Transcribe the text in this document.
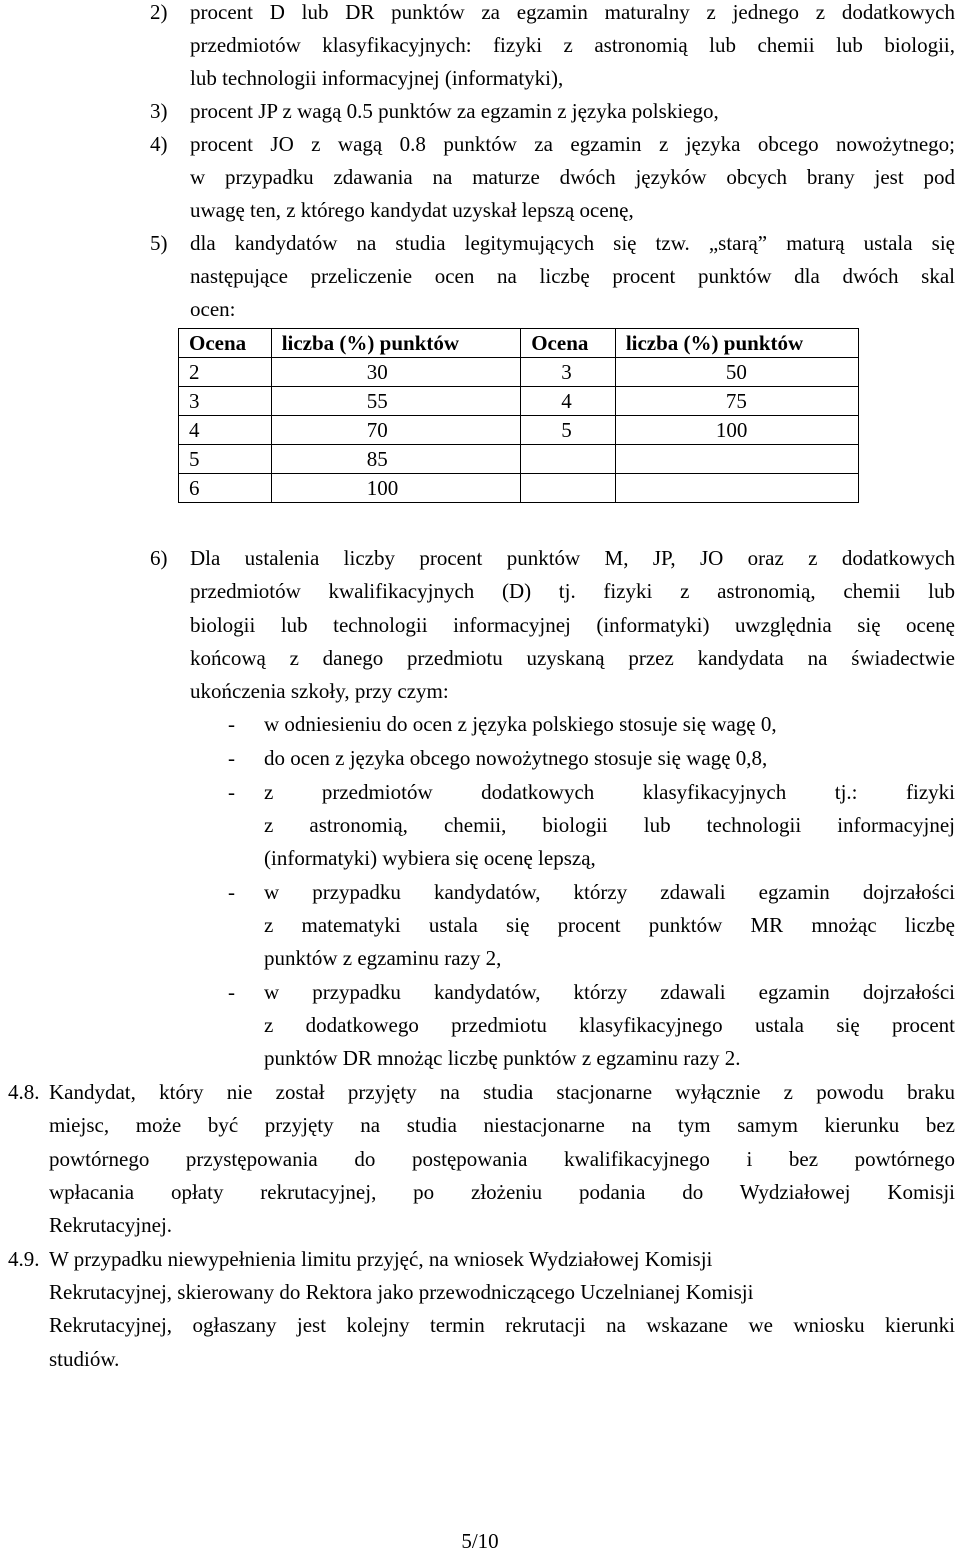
2) procent D lub DR punktów za egzamin maturalny z jednego z dodatkowych
przedmiotów klasyfikacyjnych: fizyki z astronomią lub chemii lub biologii,
lub technologii informacyjnej (informatyki),
3) procent JP z wagą 0.5 punktów za egzamin z języka polskiego,
4) procent JO z wagą 0.8 punktów za egzamin z języka obcego nowożytnego;
w przypadku zdawania na maturze dwóch języków obcych brany jest pod
uwagę ten, z którego kandydat uzyskał lepszą ocenę,
5) dla kandydatów na studia legitymujących się tzw. „starą” maturą ustala się
następujące przeliczenie ocen na liczbę procent punktów dla dwóch skal
ocen:
Ocena	liczba (%) punktów	Ocena	liczba (%) punktów
2	30	3	50
3	55	4	75
4	70	5	100
5	85		
6	100		
6) Dla ustalenia liczby procent punktów M, JP, JO oraz z dodatkowych
przedmiotów kwalifikacyjnych (D) tj. fizyki z astronomią, chemii lub
biologii lub technologii informacyjnej (informatyki) uwzględnia się ocenę
końcową z danego przedmiotu uzyskaną przez kandydata na świadectwie
ukończenia szkoły, przy czym:
- w odniesieniu do ocen z języka polskiego stosuje się wagę 0,
- do ocen z języka obcego nowożytnego stosuje się wagę 0,8,
- z przedmiotów dodatkowych klasyfikacyjnych tj.: fizyki
z astronomią, chemii, biologii lub technologii informacyjnej
(informatyki) wybiera się ocenę lepszą,
- w przypadku kandydatów, którzy zdawali egzamin dojrzałości
z matematyki ustala się procent punktów MR mnożąc liczbę
punktów z egzaminu razy 2,
- w przypadku kandydatów, którzy zdawali egzamin dojrzałości
z dodatkowego przedmiotu klasyfikacyjnego ustala się procent
punktów DR mnożąc liczbę punktów z egzaminu razy 2.
4.8. Kandydat, który nie został przyjęty na studia stacjonarne wyłącznie z powodu braku
miejsc, może być przyjęty na studia niestacjonarne na tym samym kierunku bez
powtórnego przystępowania do postępowania kwalifikacyjnego i bez powtórnego
wpłacania opłaty rekrutacyjnej, po złożeniu podania do Wydziałowej Komisji
Rekrutacyjnej.
4.9. W przypadku niewypełnienia limitu przyjęć, na wniosek Wydziałowej Komisji
Rekrutacyjnej, skierowany do Rektora jako przewodniczącego Uczelnianej Komisji
Rekrutacyjnej, ogłaszany jest kolejny termin rekrutacji na wskazane we wniosku kierunki
studiów.
5/10
